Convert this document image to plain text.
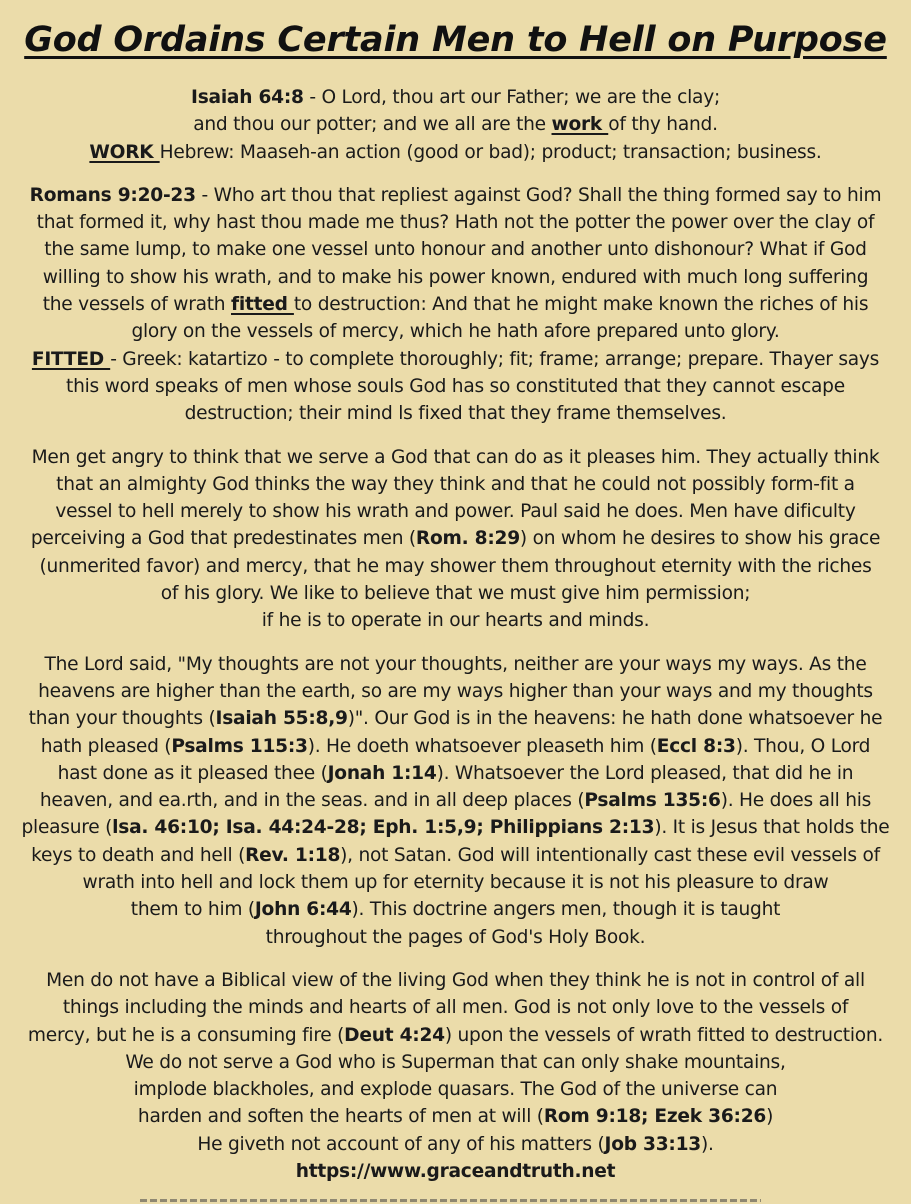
God Ordains Certain Men to Hell on Purpose
Isaiah 64:8 - O Lord, thou art our Father; we are the clay;
and thou our potter; and we all are the work of thy hand.
WORK Hebrew: Maaseh-an action (good or bad); product; transaction; business.
Romans 9:20-23 - Who art thou that repliest against God? Shall the thing formed say to him
that formed it, why hast thou made me thus? Hath not the potter the power over the clay of
the same lump, to make one vessel unto honour and another unto dishonour? What if God
willing to show his wrath, and to make his power known, endured with much long suffering
the vessels of wrath fitted to destruction: And that he might make known the riches of his
glory on the vessels of mercy, which he hath afore prepared unto glory.
FITTED - Greek: katartizo - to complete thoroughly; fit; frame; arrange; prepare. Thayer says
this word speaks of men whose souls God has so constituted that they cannot escape
destruction; their mind ls fixed that they frame themselves.
Men get angry to think that we serve a God that can do as it pleases him. They actually think
that an almighty God thinks the way they think and that he could not possibly form-fit a
vessel to hell merely to show his wrath and power. Paul said he does. Men have dificulty
perceiving a God that predestinates men (Rom. 8:29) on whom he desires to show his grace
(unmerited favor) and mercy, that he may shower them throughout eternity with the riches
of his glory. We like to believe that we must give him permission;
if he is to operate in our hearts and minds.
The Lord said, "My thoughts are not your thoughts, neither are your ways my ways. As the
heavens are higher than the earth, so are my ways higher than your ways and my thoughts
than your thoughts (Isaiah 55:8,9)". Our God is in the heavens: he hath done whatsoever he
hath pleased (Psalms 115:3). He doeth whatsoever pleaseth him (Eccl 8:3). Thou, O Lord
hast done as it pleased thee (Jonah 1:14). Whatsoever the Lord pleased, that did he in
heaven, and ea.rth, and in the seas. and in all deep places (Psalms 135:6). He does all his
pleasure (lsa. 46:10; Isa. 44:24-28; Eph. 1:5,9; Philippians 2:13). It is Jesus that holds the
keys to death and hell (Rev. 1:18), not Satan. God will intentionally cast these evil vessels of
wrath into hell and lock them up for eternity because it is not his pleasure to draw
them to him (John 6:44). This doctrine angers men, though it is taught
throughout the pages of God's Holy Book.
Men do not have a Biblical view of the living God when they think he is not in control of all
things including the minds and hearts of all men. God is not only love to the vessels of
mercy, but he is a consuming fire (Deut 4:24) upon the vessels of wrath fitted to destruction.
We do not serve a God who is Superman that can only shake mountains,
implode blackholes, and explode quasars. The God of the universe can
harden and soften the hearts of men at will (Rom 9:18; Ezek 36:26)
He giveth not account of any of his matters (Job 33:13).
https://www.graceandtruth.net
